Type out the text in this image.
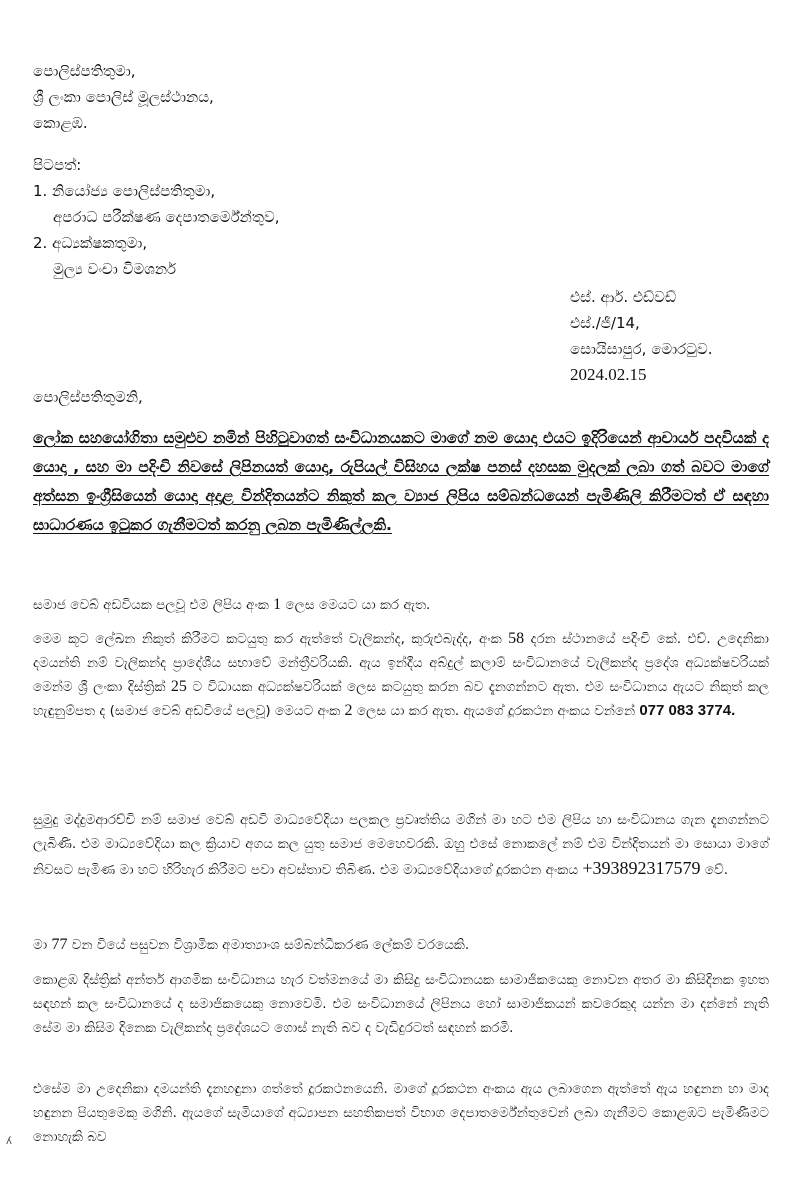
පොලිස්පතිතුමා,
ශ්‍රී ලංකා පොලිස් මූලස්ථානය,
කොළඹ.
පිටපත්:
1. නියෝජ්‍ය පොලිස්පතිතුමා,
අපරාධ පරීක්ෂණ දෙපාතර්මේන්තුව,
2. අධ්‍යක්ෂකතුමා,
මුල්‍ය වංචා විමශර්න
එස්. ආර්. එඩ්වඩ්
එස්./ජී/14,
සොයිසාපුර, මොරටුව.
2024.02.15
පොලිස්පතිතුමනි,
ලෝක සහයෝගිතා සමුළුව නමින් පිහිටුවාගත් සංවිධානයකට මාගේ නම යොදා එයට ඉදිරියෙන් ආචාර්ය පදවියක් ද යොදා , සහ මා පදිංචි නිවසේ ලිපිනයත් යොදා, රුපියල් විසිහය ලක්ෂ පනස් දහසක මුදලක් ලබා ගත් බවට මාගේ අත්සන ඉංග්‍රීසියෙන් යොදා අදාළ වින්දිතයන්ට නිකුත් කල ව්‍යාජ ලිපිය සම්බන්ධයෙන් පැමිණිලි කිරීමටත් ඒ සඳහා සාධාරණය ඉටුකර ගැනීමටත් කරනු ලබන පැමිණිල්ලකි.
සමාජ වෙබ් අඩවියක පලවූ එම ලිපිය අංක 1 ලෙස මෙයට යා කර ඇත.
මෙම කූට ලේඛන නිකුත් කිරීමට කටයුතු කර ඇත්තේ වැලිකන්ද, කුරුළුබැද්ද, අංක 58 දරන ස්ථානයේ පදිංචි කේ. එච්. උදෙනිකා දමයන්ති නම් වැලිකන්ද ප්‍රාදේශීය සභාවේ මන්ත්‍රීවරියකි. ඇය ඉන්දීය අබ්දුල් කලාම් සංවිධානයේ වැලිකන්ද ප්‍රදේශ අධ්‍යක්ෂවරියක් මෙන්ම ශ්‍රී ලංකා දිස්ත්‍රික් 25 ට විධායක අධ්‍යක්ෂවරියක් ලෙස කටයුතු කරන බව දැනගන්නට ඇත. එම සංවිධානය ඇයට නිකුත් කල හැඳුනුම්පත ද (සමාජ වෙබ් අඩවියේ පලවූ) මෙයට අංක 2 ලෙස යා කර ඇත. ඇයගේ දූරකථන අංකය වන්නේ 077 083 3774.
සුමුදු මද්දුමආරච්චි නම් සමාජ වෙබ් අඩවි මාධ්‍යවේදියා පලකල ප්‍රවෘත්තිය මගින් මා හට එම ලිපිය හා සංවිධානය ගැන දැනගන්නට ලැබිණි. එම මාධ්‍යවේදියා කල ක්‍රියාව අගය කල යුතු සමාජ මෙහෙවරකි. ඔහු එසේ නොකලේ නම් එම වින්දිතයන් මා සොයා මාගේ නිවසට පැමිණ මා හට හිරිහැර කිරීමට පවා අවස්තාව තිබිණ. එම මාධ්‍යවේදියාගේ දූරකථන අංකය +393892317579 වේ.
මා 77 වන වියේ පසුවන විශ්‍රාමික අමාත්‍යාංශ සම්බන්ධීකරණ ලේකම් වරයෙකි.
කොළඹ දිස්ත්‍රික් අන්තර් ආගමික සංවිධානය හැර වත්මනයේ මා කිසිදු සංවිධානයක සාමාජිකයෙකු නොවන අතර මා කිසිදිනක ඉහත සඳහන් කල සංවිධානයේ ද සමාජිකයෙකු නොවෙමි. එම සංවිධානයේ ලිපිනය හෝ සාමාජිකයන් කවරෙකුද යන්න මා දන්නේ නැති සේම මා කිසිම දිනෙක වැලිකන්ද ප්‍රදේශයට ගොස් නැති බව ද වැඩිදුරටත් සඳහන් කරමි.
එසේම මා උදෙනිකා දමයන්ති දැනහඳුනා ගත්තේ දූරකථනයෙනි. මාගේ දූරකථන අංකය ඇය ලබාගෙන ඇත්තේ ඇය හඳුනන හා මාද හඳුනන පියතුමෙකු මගිනි. ඇයගේ සැමියාගේ අධ්‍යාපන සහතිකපත් විභාග දෙපාතර්මේන්තුවෙන් ලබා ගැනීමට කොළඹට පැමිණීමට නොහැකි බව
ʎ
